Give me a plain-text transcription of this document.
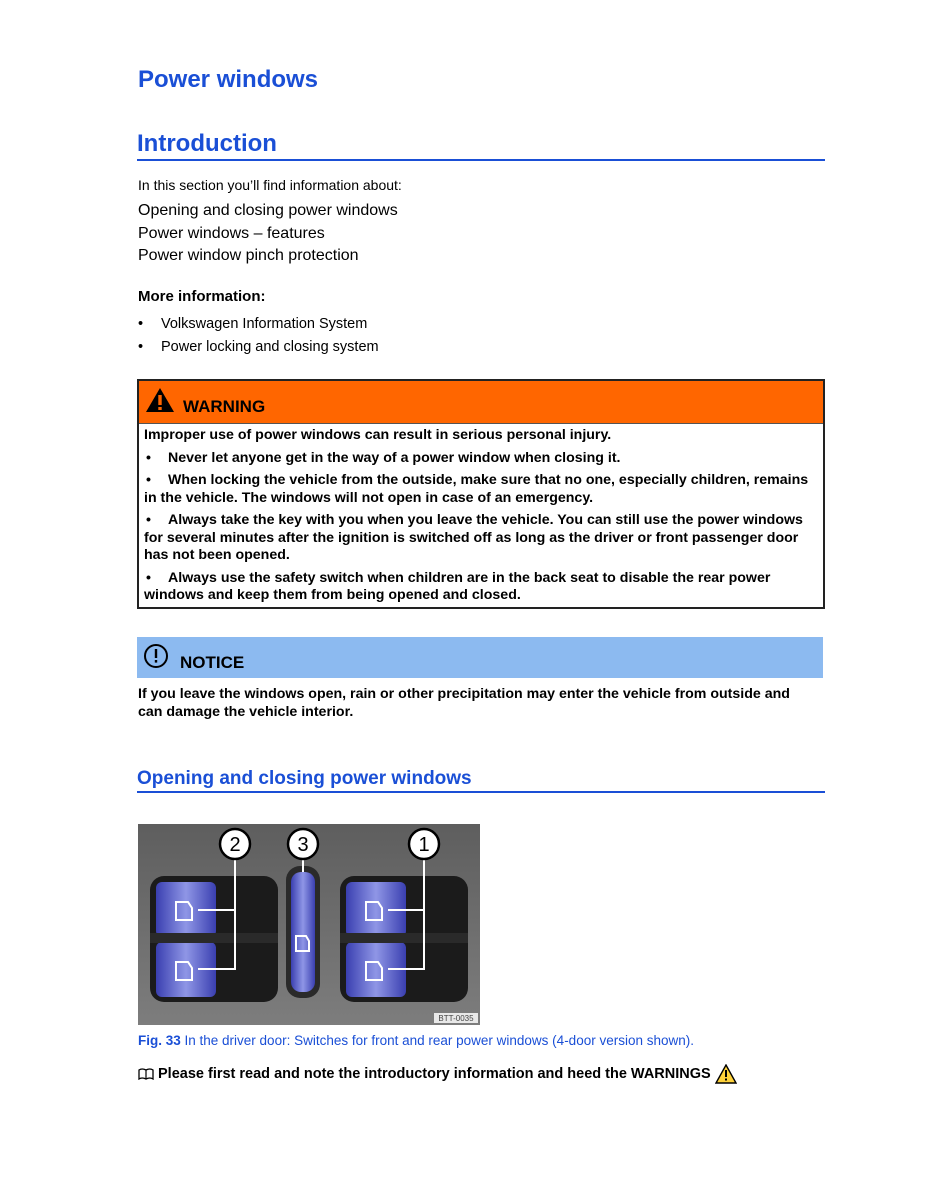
Power windows
Introduction
In this section you’ll find information about:
Opening and closing power windows
Power windows – features
Power window pinch protection
More information:
• Volkswagen Information System
• Power locking and closing system
WARNING

Improper use of power windows can result in serious personal injury.

• Never let anyone get in the way of a power window when closing it.

• When locking the vehicle from the outside, make sure that no one, especially children, remains in the vehicle. The windows will not open in case of an emergency.

• Always take the key with you when you leave the vehicle. You can still use the power windows for several minutes after the ignition is switched off as long as the driver or front passenger door has not been opened.

• Always use the safety switch when children are in the back seat to disable the rear power windows and keep them from being opened and closed.

NOTICE
If you leave the windows open, rain or other precipitation may enter the vehicle from outside and can damage the vehicle interior.
Opening and closing power windows
2	3	1
BTT-0035
Fig. 33 In the driver door: Switches for front and rear power windows (4-door version shown).
Please first read and note the introductory information and heed the WARNINGS
